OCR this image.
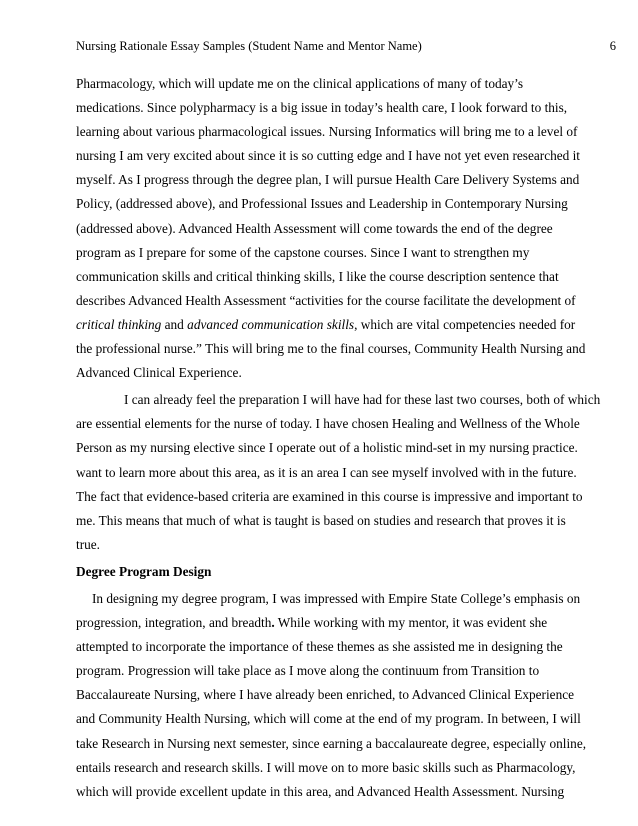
Nursing Rationale Essay Samples (Student Name and Mentor Name)	6
Pharmacology, which will update me on the clinical applications of many of today’s
medications. Since polypharmacy is a big issue in today’s health care, I look forward to this,
learning about various pharmacological issues. Nursing Informatics will bring me to a level of
nursing I am very excited about since it is so cutting edge and I have not yet even researched it
myself. As I progress through the degree plan, I will pursue Health Care Delivery Systems and
Policy, (addressed above), and Professional Issues and Leadership in Contemporary Nursing
(addressed above). Advanced Health Assessment will come towards the end of the degree
program as I prepare for some of the capstone courses. Since I want to strengthen my
communication skills and critical thinking skills, I like the course description sentence that
describes Advanced Health Assessment “activities for the course facilitate the development of
critical thinking and advanced communication skills, which are vital competencies needed for
the professional nurse.” This will bring me to the final courses, Community Health Nursing and
Advanced Clinical Experience.
I can already feel the preparation I will have had for these last two courses, both of which
are essential elements for the nurse of today. I have chosen Healing and Wellness of the Whole
Person as my nursing elective since I operate out of a holistic mind-set in my nursing practice.
want to learn more about this area, as it is an area I can see myself involved with in the future.
The fact that evidence-based criteria are examined in this course is impressive and important to
me. This means that much of what is taught is based on studies and research that proves it is
true.
Degree Program Design
In designing my degree program, I was impressed with Empire State College’s emphasis on
progression, integration, and breadth. While working with my mentor, it was evident she
attempted to incorporate the importance of these themes as she assisted me in designing the
program. Progression will take place as I move along the continuum from Transition to
Baccalaureate Nursing, where I have already been enriched, to Advanced Clinical Experience
and Community Health Nursing, which will come at the end of my program. In between, I will
take Research in Nursing next semester, since earning a baccalaureate degree, especially online,
entails research and research skills. I will move on to more basic skills such as Pharmacology,
which will provide excellent update in this area, and Advanced Health Assessment. Nursing
